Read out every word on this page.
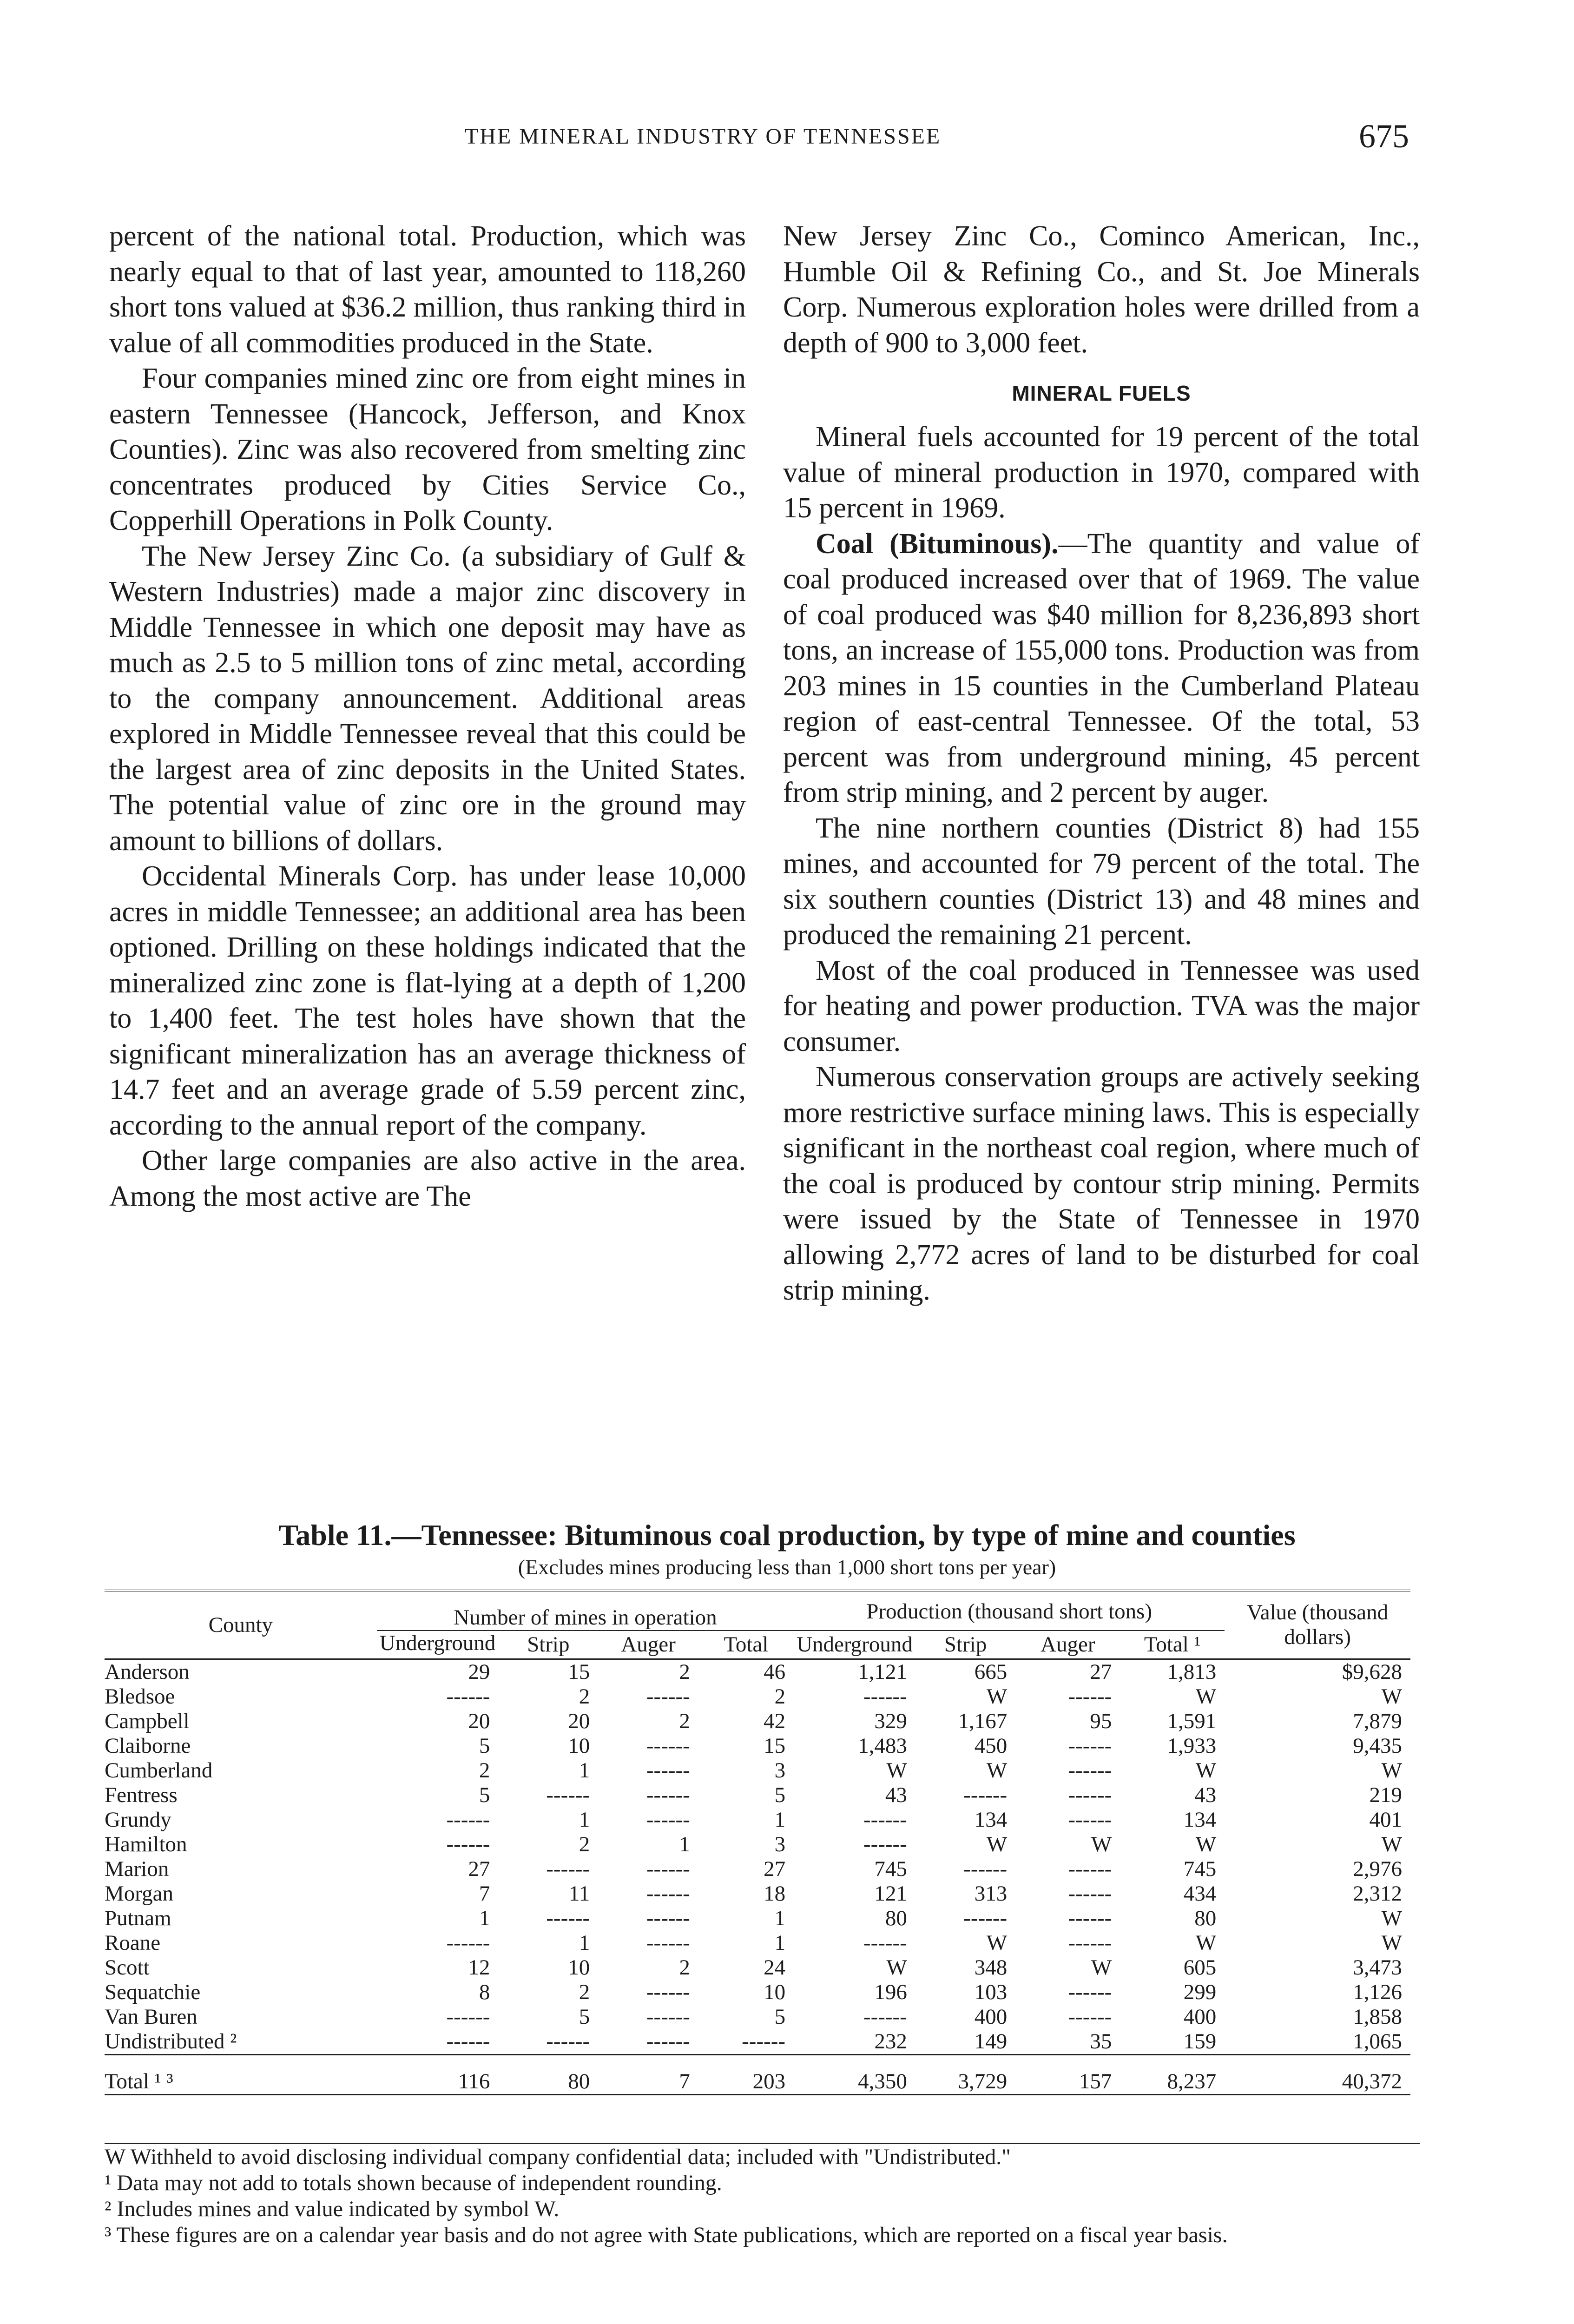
THE MINERAL INDUSTRY OF TENNESSEE	675

percent of the national total. Production, which was nearly equal to that of last year, amounted to 118,260 short tons valued at $36.2 million, thus ranking third in value of all commodities produced in the State.

Four companies mined zinc ore from eight mines in eastern Tennessee (Hancock, Jefferson, and Knox Counties). Zinc was also recovered from smelting zinc concentrates produced by Cities Service Co., Copperhill Operations in Polk County.

The New Jersey Zinc Co. (a subsidiary of Gulf & Western Industries) made a major zinc discovery in Middle Tennessee in which one deposit may have as much as 2.5 to 5 million tons of zinc metal, according to the company announcement. Additional areas explored in Middle Tennessee reveal that this could be the largest area of zinc deposits in the United States. The potential value of zinc ore in the ground may amount to billions of dollars.

Occidental Minerals Corp. has under lease 10,000 acres in middle Tennessee; an additional area has been optioned. Drilling on these holdings indicated that the mineralized zinc zone is flat-lying at a depth of 1,200 to 1,400 feet. The test holes have shown that the significant mineralization has an average thickness of 14.7 feet and an average grade of 5.59 percent zinc, according to the annual report of the company.

Other large companies are also active in the area. Among the most active are The

New Jersey Zinc Co., Cominco American, Inc., Humble Oil & Refining Co., and St. Joe Minerals Corp. Numerous exploration holes were drilled from a depth of 900 to 3,000 feet.

MINERAL FUELS

Mineral fuels accounted for 19 percent of the total value of mineral production in 1970, compared with 15 percent in 1969.

Coal (Bituminous).—The quantity and value of coal produced increased over that of 1969. The value of coal produced was $40 million for 8,236,893 short tons, an increase of 155,000 tons. Production was from 203 mines in 15 counties in the Cumberland Plateau region of east-central Tennessee. Of the total, 53 percent was from underground mining, 45 percent from strip mining, and 2 percent by auger.

The nine northern counties (District 8) had 155 mines, and accounted for 79 percent of the total. The six southern counties (District 13) and 48 mines and produced the remaining 21 percent.

Most of the coal produced in Tennessee was used for heating and power production. TVA was the major consumer.

Numerous conservation groups are actively seeking more restrictive surface mining laws. This is especially significant in the northeast coal region, where much of the coal is produced by contour strip mining. Permits were issued by the State of Tennessee in 1970 allowing 2,772 acres of land to be disturbed for coal strip mining.

Table 11.—Tennessee: Bituminous coal production, by type of mine and counties
(Excludes mines producing less than 1,000 short tons per year)
County	Number of mines in operation				Production (thousand short tons)				Value (thousand dollars)
	Underground	Strip	Auger	Total	Underground	Strip	Auger	Total ¹	
Anderson	29	15	2	46	1,121	665	27	1,813	$9,628
Bledsoe	------	2	------	2	------	W	------	W	W
Campbell	20	20	2	42	329	1,167	95	1,591	7,879
Claiborne	5	10	------	15	1,483	450	------	1,933	9,435
Cumberland	2	1	------	3	W	W	------	W	W
Fentress	5	------	------	5	43	------	------	43	219
Grundy	------	1	------	1	------	134	------	134	401
Hamilton	------	2	1	3	------	W	W	W	W
Marion	27	------	------	27	745	------	------	745	2,976
Morgan	7	11	------	18	121	313	------	434	2,312
Putnam	1	------	------	1	80	------	------	80	W
Roane	------	1	------	1	------	W	------	W	W
Scott	12	10	2	24	W	348	W	605	3,473
Sequatchie	8	2	------	10	196	103	------	299	1,126
Van Buren	------	5	------	5	------	400	------	400	1,858
Undistributed ²	------	------	------	------	232	149	35	159	1,065
Total ¹ ³	116	80	7	203	4,350	3,729	157	8,237	40,372
W Withheld to avoid disclosing individual company confidential data; included with "Undistributed."
¹ Data may not add to totals shown because of independent rounding.
² Includes mines and value indicated by symbol W.
³ These figures are on a calendar year basis and do not agree with State publications, which are reported on a fiscal year basis.
